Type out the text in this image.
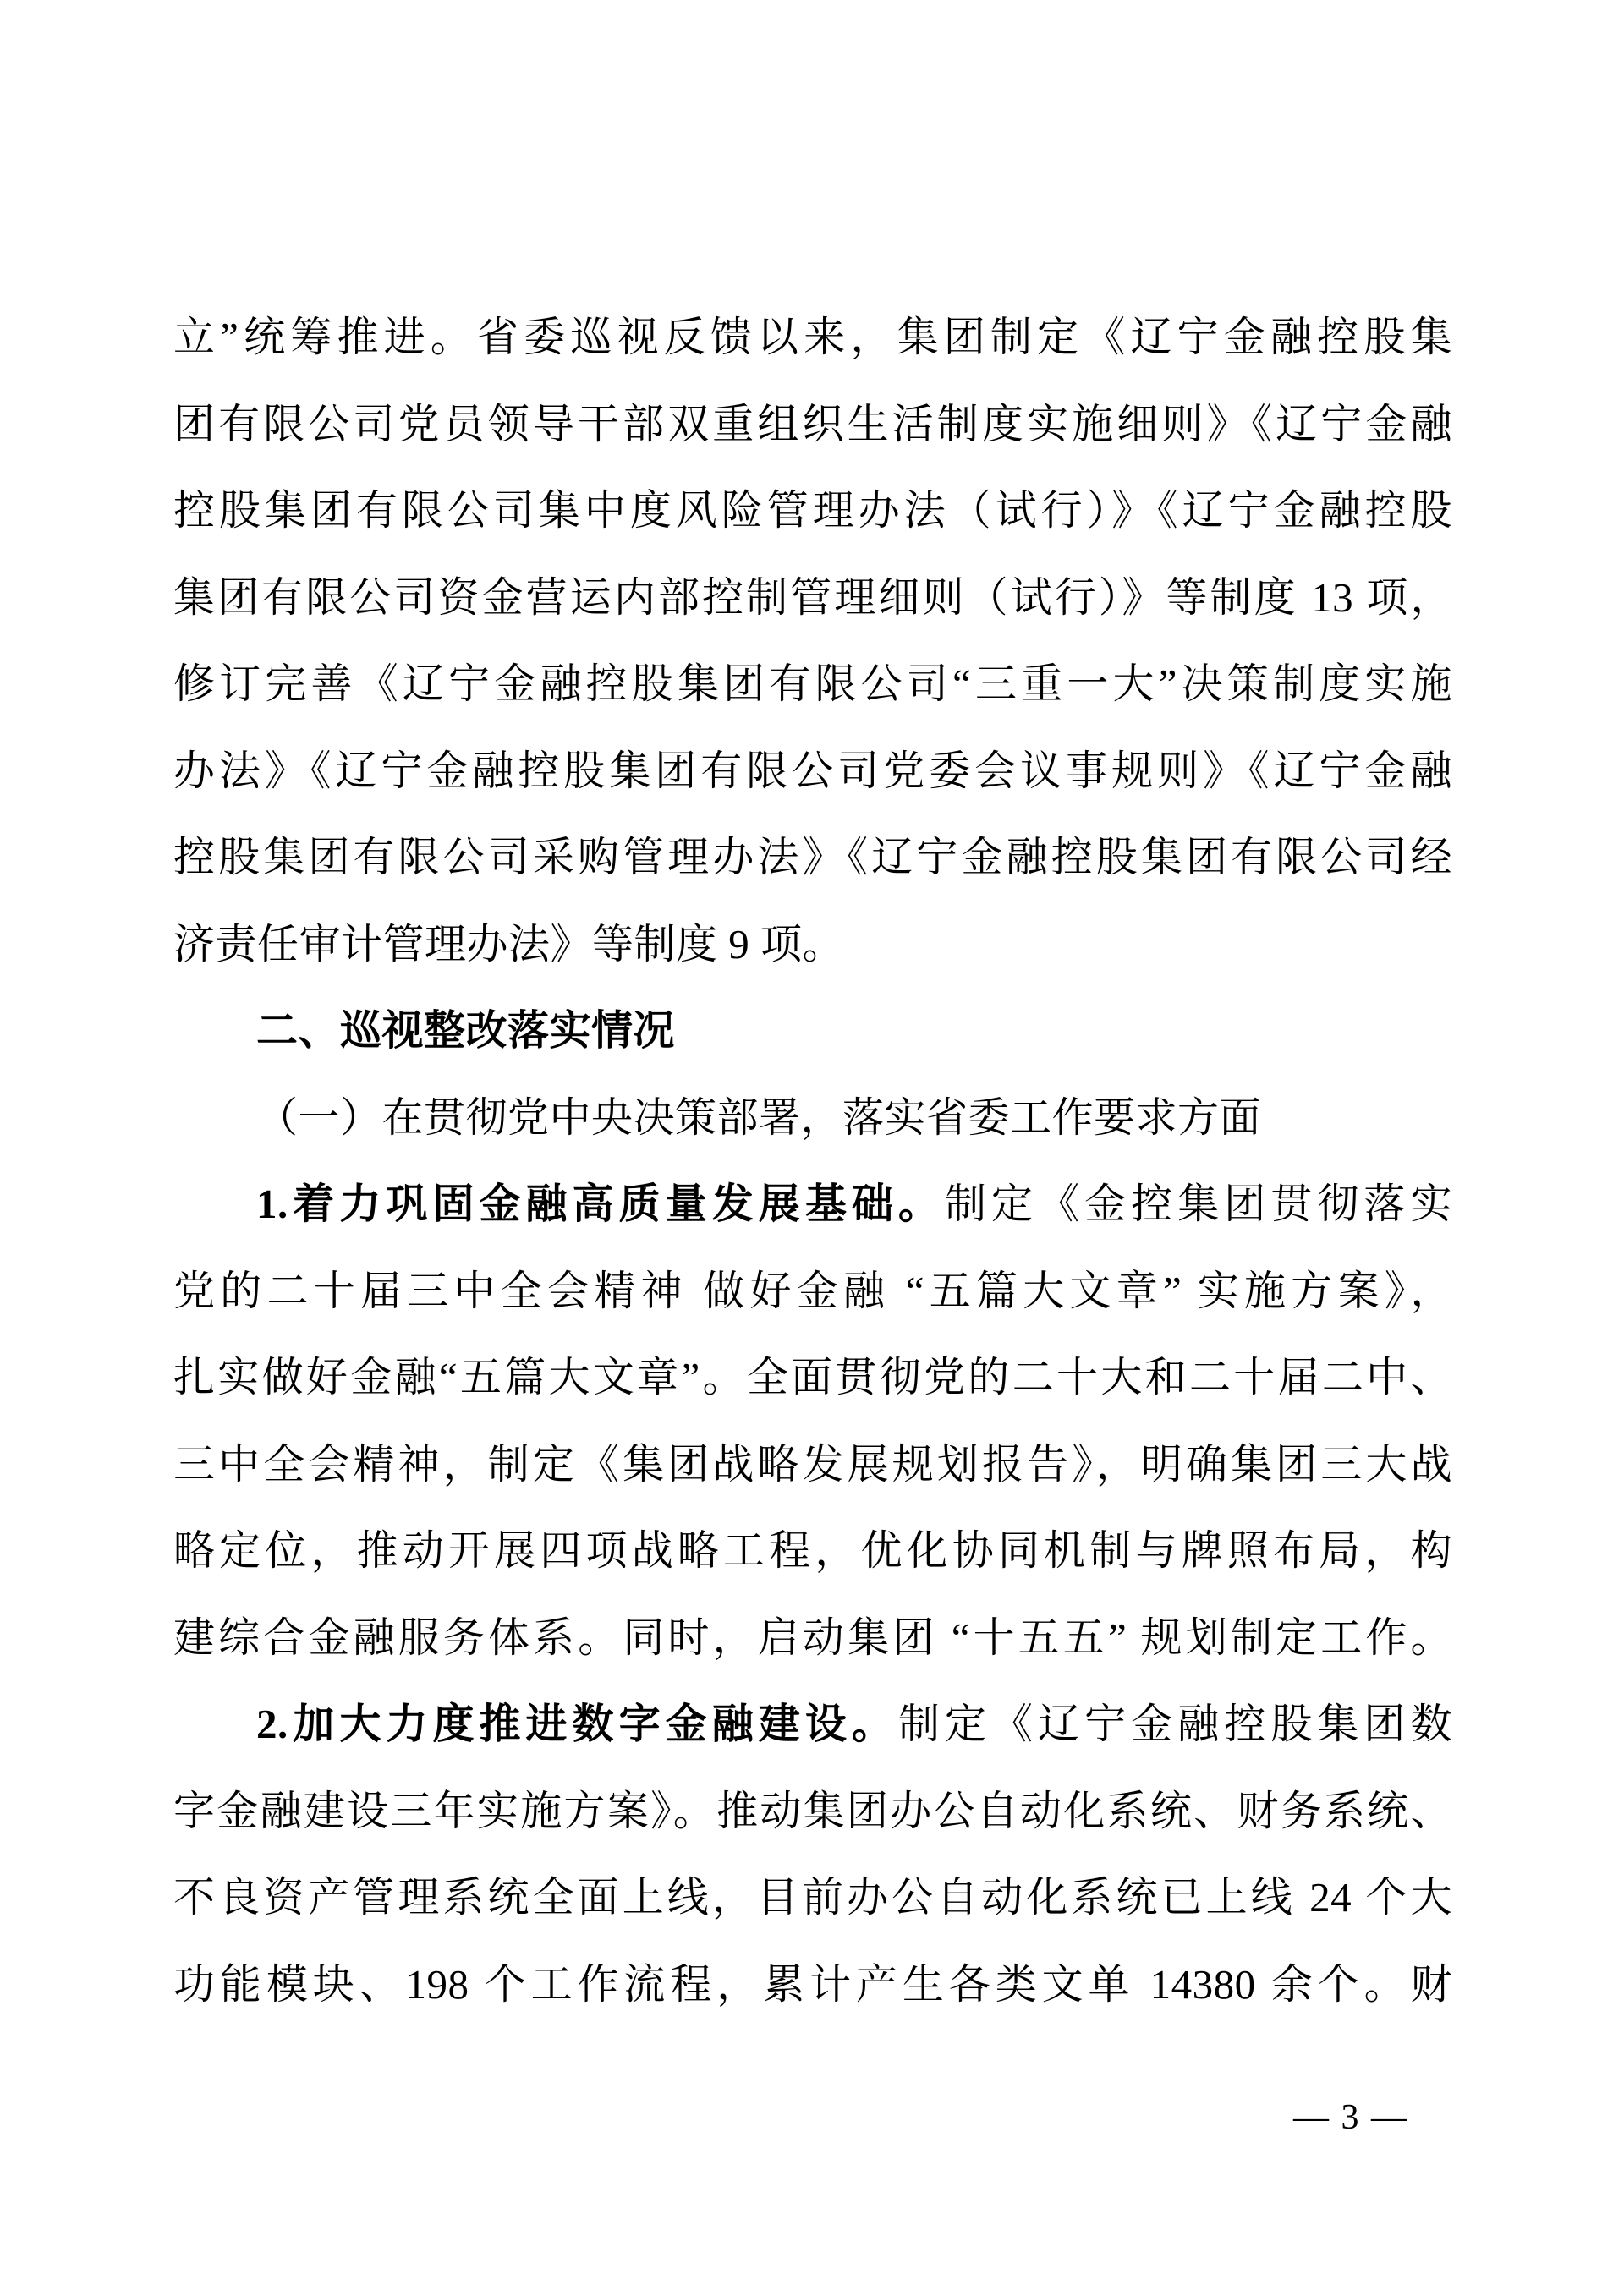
立”统筹推进。省委巡视反馈以来，集团制定《辽宁金融控股集
团有限公司党员领导干部双重组织生活制度实施细则》《辽宁金融
控股集团有限公司集中度风险管理办法（试行）》《辽宁金融控股
集团有限公司资金营运内部控制管理细则（试行）》等制度 13 项，
修订完善《辽宁金融控股集团有限公司“三重一大”决策制度实施
办法》《辽宁金融控股集团有限公司党委会议事规则》《辽宁金融
控股集团有限公司采购管理办法》《辽宁金融控股集团有限公司经
济责任审计管理办法》等制度 9 项。
二、巡视整改落实情况
（一）在贯彻党中央决策部署，落实省委工作要求方面
1.着力巩固金融高质量发展基础。制定《金控集团贯彻落实
党的二十届三中全会精神 做好金融 “五篇大文章” 实施方案》，
扎实做好金融“五篇大文章”。全面贯彻党的二十大和二十届二中、
三中全会精神，制定《集团战略发展规划报告》，明确集团三大战
略定位，推动开展四项战略工程，优化协同机制与牌照布局，构
建综合金融服务体系。同时，启动集团 “十五五” 规划制定工作。
2.加大力度推进数字金融建设。制定《辽宁金融控股集团数
字金融建设三年实施方案》。推动集团办公自动化系统、财务系统、
不良资产管理系统全面上线，目前办公自动化系统已上线 24 个大
功能模块、198 个工作流程，累计产生各类文单 14380 余个。财
— 3 —
